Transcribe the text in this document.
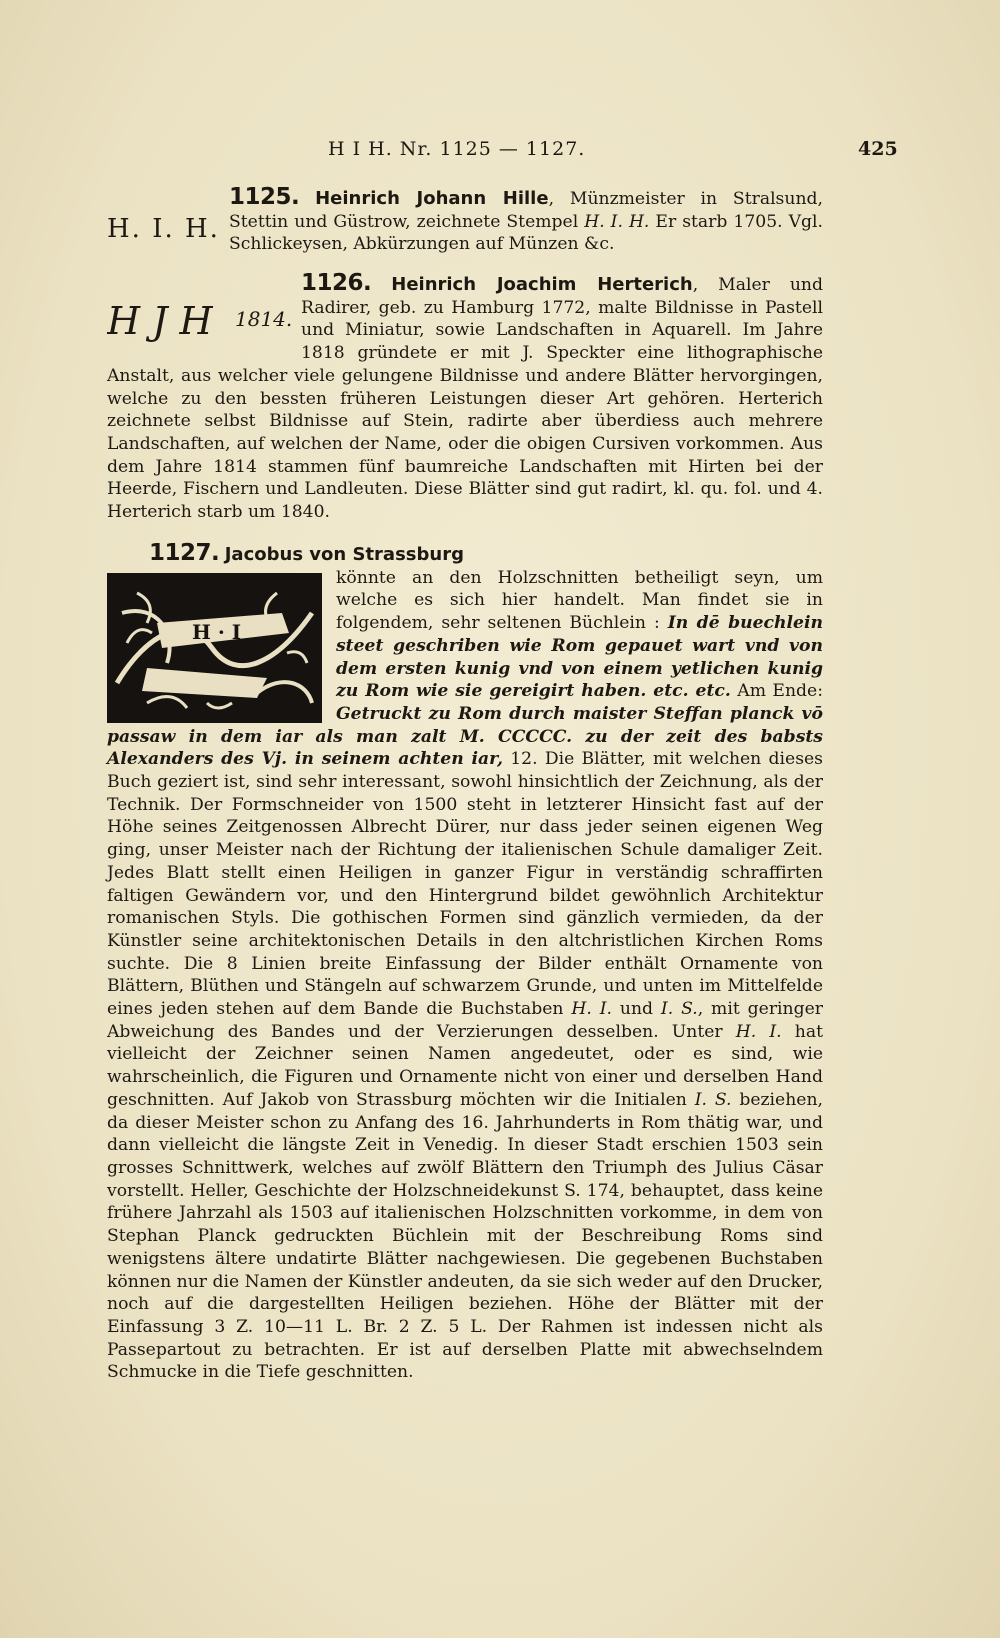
H I H. Nr. 1125 — 1127.	425
H. I. H.
1125. Heinrich Johann Hille, Münzmeister in Stralsund, Stettin und Güstrow, zeichnete Stempel H. I. H. Er starb 1705. Vgl. Schlickeysen, Abkürzungen auf Münzen &c.
H J H 1814.
1126. Heinrich Joachim Herterich, Maler und Radirer, geb. zu Hamburg 1772, malte Bildnisse in Pastell und Miniatur, sowie Landschaften in Aquarell. Im Jahre 1818 gründete er mit J. Speckter eine lithographische Anstalt, aus welcher viele gelungene Bildnisse und andere Blätter hervorgingen, welche zu den bessten früheren Leistungen dieser Art gehören. Herterich zeichnete selbst Bildnisse auf Stein, radirte aber überdiess auch mehrere Landschaften, auf welchen der Name, oder die obigen Cursiven vorkommen. Aus dem Jahre 1814 stammen fünf baumreiche Landschaften mit Hirten bei der Heerde, Fischern und Landleuten. Diese Blätter sind gut radirt, kl. qu. fol. und 4. Herterich starb um 1840.
1127. Jacobus von Strassburg
H · I
könnte an den Holzschnitten betheiligt seyn, um welche es sich hier handelt. Man findet sie in folgendem, sehr seltenen Büchlein : In dē buechlein steet geschriben wie Rom gepauet wart vnd von dem ersten kunig vnd von einem yetlichen kunig zu Rom wie sie gereigirt haben. etc. etc. Am Ende: Getruckt zu Rom durch maister Steffan planck vō passaw in dem iar als man zalt M. CCCCC. zu der zeit des babsts Alexanders des Vj. in seinem achten iar, 12. Die Blätter, mit welchen dieses Buch geziert ist, sind sehr interessant, sowohl hinsichtlich der Zeichnung, als der Technik. Der Formschneider von 1500 steht in letzterer Hinsicht fast auf der Höhe seines Zeitgenossen Albrecht Dürer, nur dass jeder seinen eigenen Weg ging, unser Meister nach der Richtung der italienischen Schule damaliger Zeit. Jedes Blatt stellt einen Heiligen in ganzer Figur in verständig schraffirten faltigen Gewändern vor, und den Hintergrund bildet gewöhnlich Architektur romanischen Styls. Die gothischen Formen sind gänzlich vermieden, da der Künstler seine architektonischen Details in den altchristlichen Kirchen Roms suchte. Die 8 Linien breite Einfassung der Bilder enthält Ornamente von Blättern, Blüthen und Stängeln auf schwarzem Grunde, und unten im Mittelfelde eines jeden stehen auf dem Bande die Buchstaben H. I. und I. S., mit geringer Abweichung des Bandes und der Verzierungen desselben. Unter H. I. hat vielleicht der Zeichner seinen Namen angedeutet, oder es sind, wie wahrscheinlich, die Figuren und Ornamente nicht von einer und derselben Hand geschnitten. Auf Jakob von Strassburg möchten wir die Initialen I. S. beziehen, da dieser Meister schon zu Anfang des 16. Jahrhunderts in Rom thätig war, und dann vielleicht die längste Zeit in Venedig. In dieser Stadt erschien 1503 sein grosses Schnittwerk, welches auf zwölf Blättern den Triumph des Julius Cäsar vorstellt. Heller, Geschichte der Holzschneidekunst S. 174, behauptet, dass keine frühere Jahrzahl als 1503 auf italienischen Holzschnitten vorkomme, in dem von Stephan Planck gedruckten Büchlein mit der Beschreibung Roms sind wenigstens ältere undatirte Blätter nachgewiesen. Die gegebenen Buchstaben können nur die Namen der Künstler andeuten, da sie sich weder auf den Drucker, noch auf die dargestellten Heiligen beziehen. Höhe der Blätter mit der Einfassung 3 Z. 10—11 L. Br. 2 Z. 5 L. Der Rahmen ist indessen nicht als Passepartout zu betrachten. Er ist auf derselben Platte mit abwechselndem Schmucke in die Tiefe geschnitten.
